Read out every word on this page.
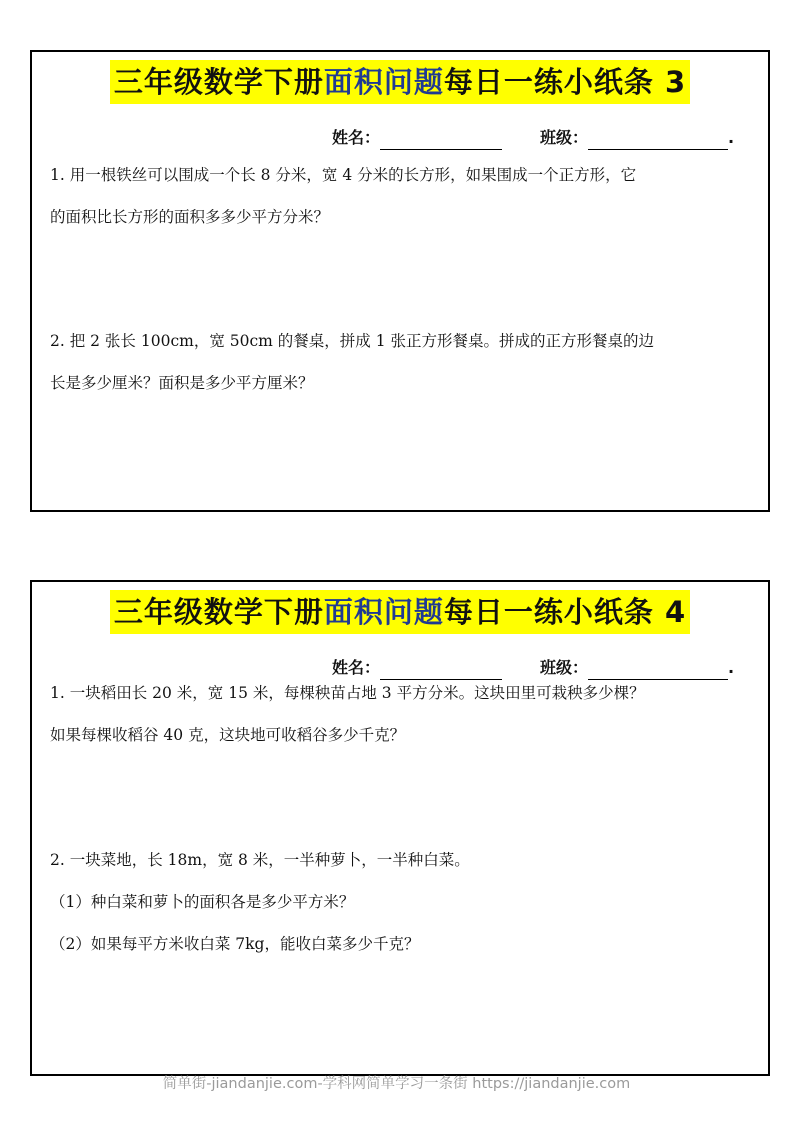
三年级数学下册面积问题每日一练小纸条 3
姓名：	班级：	.
1. 用一根铁丝可以围成一个长 8 分米，宽 4 分米的长方形，如果围成一个正方形，它
的面积比长方形的面积多多少平方分米？
2. 把 2 张长 100cm，宽 50cm 的餐桌，拼成 1 张正方形餐桌。拼成的正方形餐桌的边
长是多少厘米？面积是多少平方厘米？
三年级数学下册面积问题每日一练小纸条 4
姓名：	班级：	.
1. 一块稻田长 20 米，宽 15 米，每棵秧苗占地 3 平方分米。这块田里可栽秧多少棵？
如果每棵收稻谷 40 克，这块地可收稻谷多少千克？
2. 一块菜地，长 18m，宽 8 米，一半种萝卜，一半种白菜。
（1）种白菜和萝卜的面积各是多少平方米？
（2）如果每平方米收白菜 7kg，能收白菜多少千克？
简单街-jiandanjie.com-学科网简单学习一条街 https://jiandanjie.com
